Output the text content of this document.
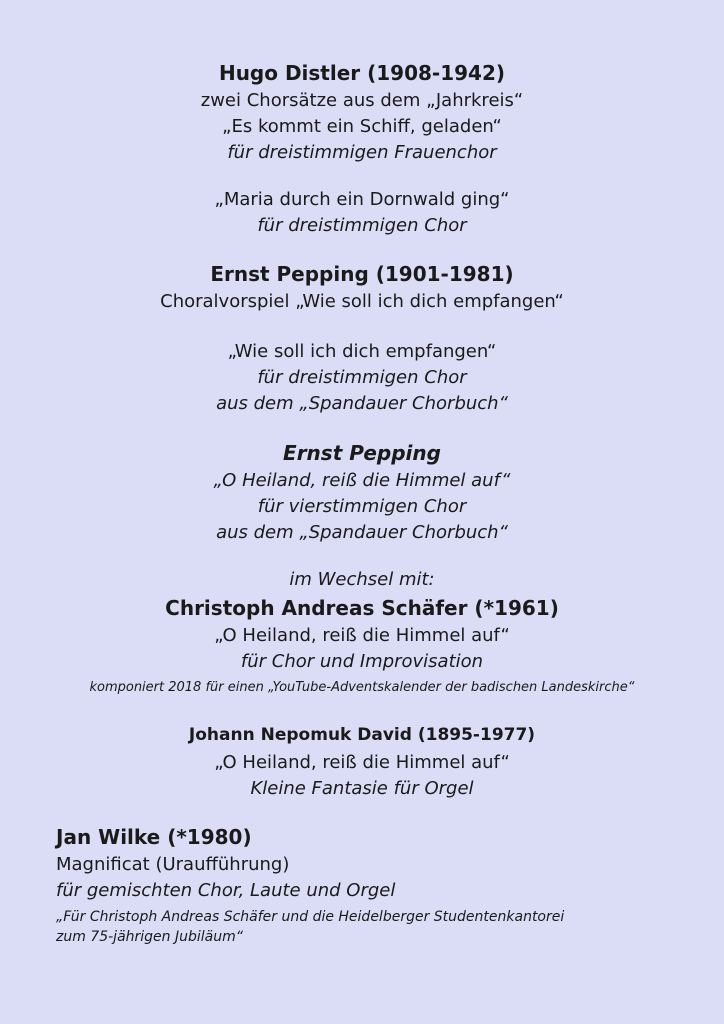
Hugo Distler (1908-1942)
zwei Chorsätze aus dem „Jahrkreis“
„Es kommt ein Schiff, geladen“
für dreistimmigen Frauenchor
„Maria durch ein Dornwald ging“
für dreistimmigen Chor
Ernst Pepping (1901-1981)
Choralvorspiel „Wie soll ich dich empfangen“
„Wie soll ich dich empfangen“
für dreistimmigen Chor
aus dem „Spandauer Chorbuch“
Ernst Pepping
„O Heiland, reiß die Himmel auf“
für vierstimmigen Chor
aus dem „Spandauer Chorbuch“
im Wechsel mit:
Christoph Andreas Schäfer (*1961)
„O Heiland, reiß die Himmel auf“
für Chor und Improvisation
komponiert 2018 für einen „YouTube-Adventskalender der badischen Landeskirche“
Johann Nepomuk David (1895-1977)
„O Heiland, reiß die Himmel auf“
Kleine Fantasie für Orgel
Jan Wilke (*1980)
Magnificat (Uraufführung)
für gemischten Chor, Laute und Orgel
„Für Christoph Andreas Schäfer und die Heidelberger Studentenkantorei
zum 75-jährigen Jubiläum“
